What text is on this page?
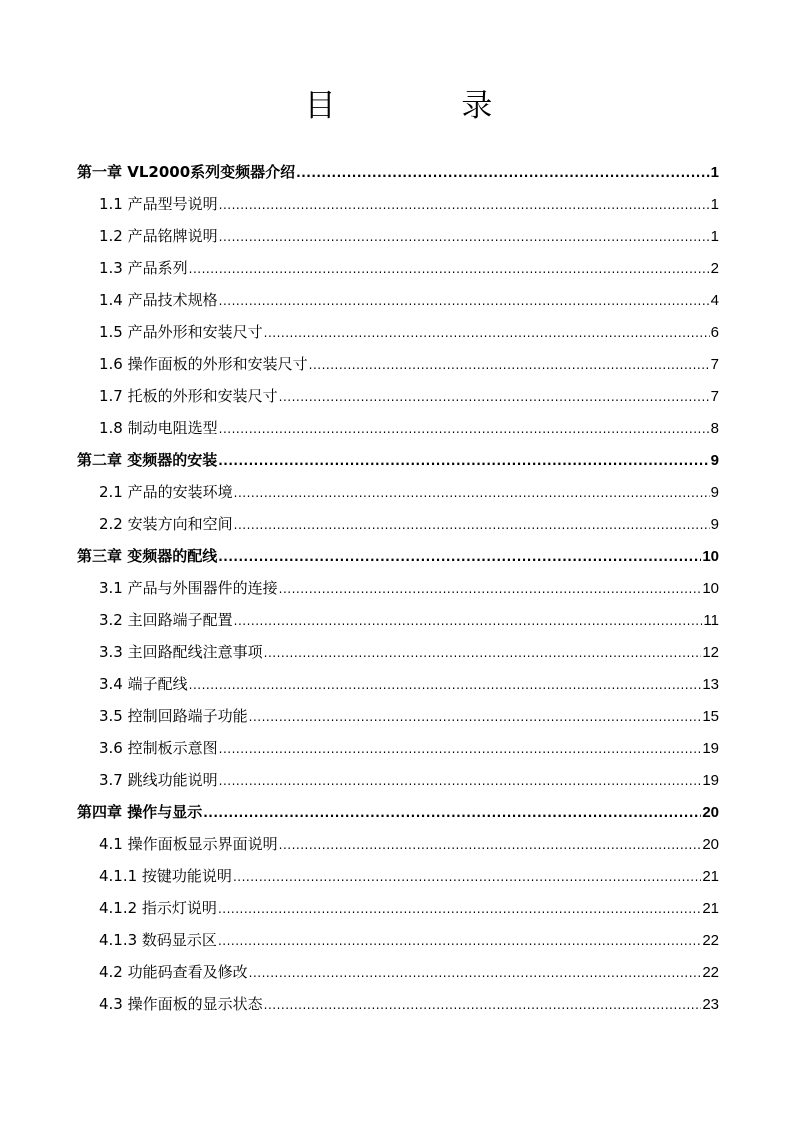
目 录
第一章 VL2000系列变频器介绍 .....	1
1.1 产品型号说明 .....	1
1.2 产品铭牌说明 .....	1
1.3 产品系列 .....	2
1.4 产品技术规格 .....	4
1.5 产品外形和安装尺寸 .....	6
1.6 操作面板的外形和安装尺寸 .....	7
1.7 托板的外形和安装尺寸 .....	7
1.8 制动电阻选型 .....	8
第二章 变频器的安装 .....	9
2.1 产品的安装环境 .....	9
2.2 安装方向和空间 .....	9
第三章 变频器的配线 .....	10
3.1 产品与外围器件的连接 .....	10
3.2 主回路端子配置 .....	11
3.3 主回路配线注意事项 .....	12
3.4 端子配线 .....	13
3.5 控制回路端子功能 .....	15
3.6 控制板示意图 .....	19
3.7 跳线功能说明 .....	19
第四章 操作与显示 .....	20
4.1 操作面板显示界面说明 .....	20
4.1.1 按键功能说明 .....	21
4.1.2 指示灯说明 .....	21
4.1.3 数码显示区 .....	22
4.2 功能码查看及修改 .....	22
4.3 操作面板的显示状态 .....	23
